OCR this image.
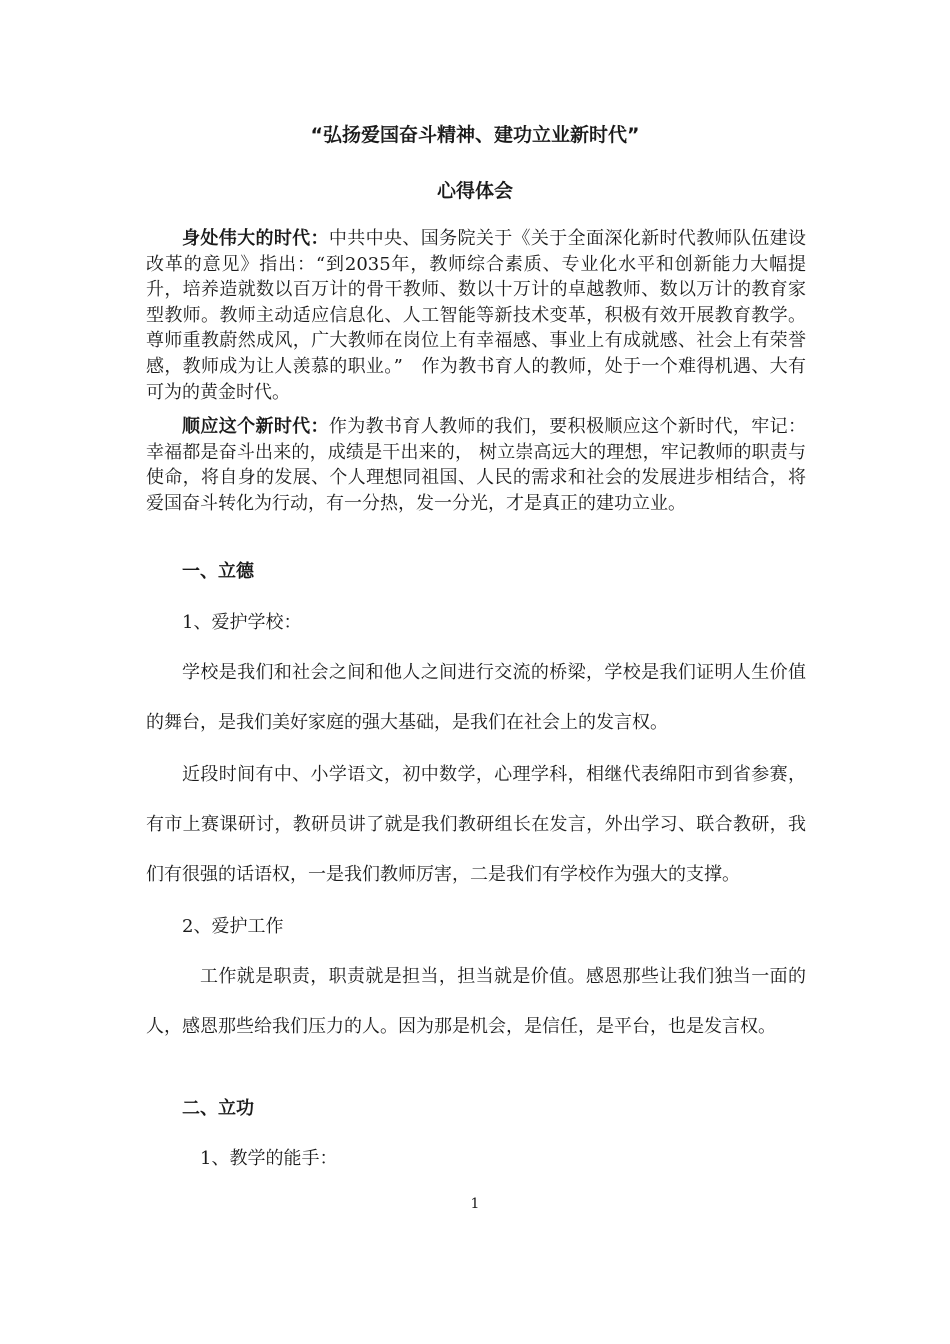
“弘扬爱国奋斗精神、建功立业新时代”
心得体会
身处伟大的时代：中共中央、国务院关于《关于全面深化新时代教师队伍建设改革的意见》指出：“到2035年，教师综合素质、专业化水平和创新能力大幅提升，培养造就数以百万计的骨干教师、数以十万计的卓越教师、数以万计的教育家型教师。教师主动适应信息化、人工智能等新技术变革，积极有效开展教育教学。尊师重教蔚然成风，广大教师在岗位上有幸福感、事业上有成就感、社会上有荣誉感，教师成为让人羡慕的职业。”　作为教书育人的教师，处于一个难得机遇、大有可为的黄金时代。
顺应这个新时代：作为教书育人教师的我们，要积极顺应这个新时代，牢记：幸福都是奋斗出来的，成绩是干出来的， 树立崇高远大的理想，牢记教师的职责与使命，将自身的发展、个人理想同祖国、人民的需求和社会的发展进步相结合，将爱国奋斗转化为行动，有一分热，发一分光，才是真正的建功立业。
一、立德
1、爱护学校：
学校是我们和社会之间和他人之间进行交流的桥梁，学校是我们证明人生价值的舞台，是我们美好家庭的强大基础，是我们在社会上的发言权。
近段时间有中、小学语文，初中数学，心理学科，相继代表绵阳市到省参赛，有市上赛课研讨，教研员讲了就是我们教研组长在发言，外出学习、联合教研，我们有很强的话语权，一是我们教师厉害，二是我们有学校作为强大的支撑。
2、爱护工作
工作就是职责，职责就是担当，担当就是价值。感恩那些让我们独当一面的人，感恩那些给我们压力的人。因为那是机会，是信任，是平台，也是发言权。
二、立功
1、教学的能手：
1
